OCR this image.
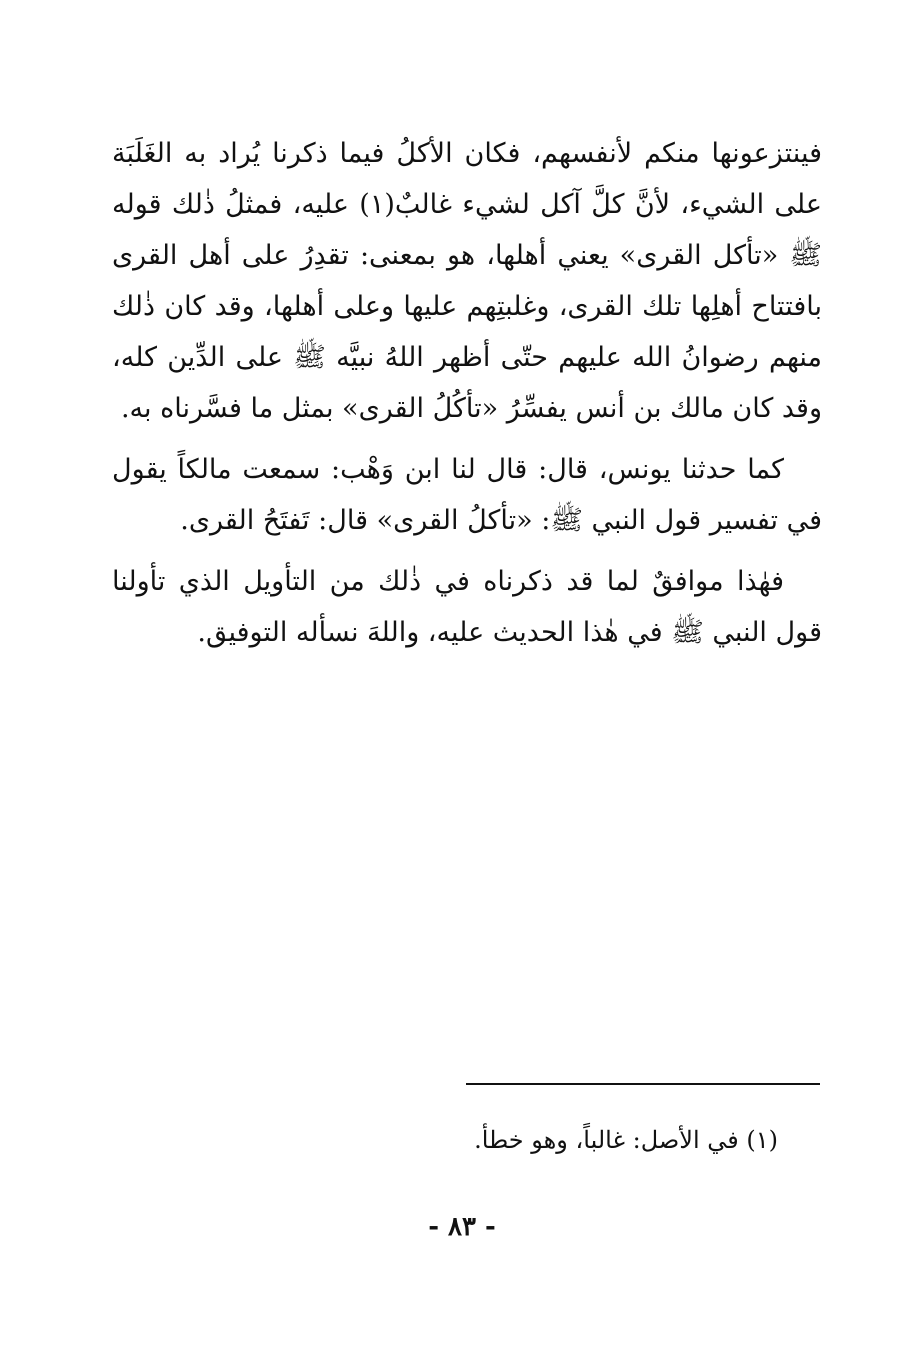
فينتزعونها منكم لأنفسهم، فكان الأكلُ فيما ذكرنا يُراد به الغَلَبَة على الشيء، لأنَّ كلَّ آكل لشيء غالبٌ(١) عليه، فمثلُ ذٰلك قوله ﷺ «تأكل القرى» يعني أهلها، هو بمعنى: تقدِرُ على أهل القرى بافتتاح أهلِها تلك القرى، وغلبتِهم عليها وعلى أهلها، وقد كان ذٰلك منهم رضوانُ الله عليهم حتّى أظهر اللهُ نبيَّه ﷺ على الدِّين كله، وقد كان مالك بن أنس يفسِّرُ «تأكُلُ القرى» بمثل ما فسَّرناه به.

كما حدثنا يونس، قال: قال لنا ابن وَهْب: سمعت مالكاً يقول في تفسير قول النبي ﷺ: «تأكلُ القرى» قال: تَفتَحُ القرى.

فهٰذا موافقٌ لما قد ذكرناه في ذٰلك من التأويل الذي تأولنا قول النبي ﷺ في هٰذا الحديث عليه، واللهَ نسأله التوفيق.

(١) في الأصل: غالباً، وهو خطأ.
- ٨٣ -
